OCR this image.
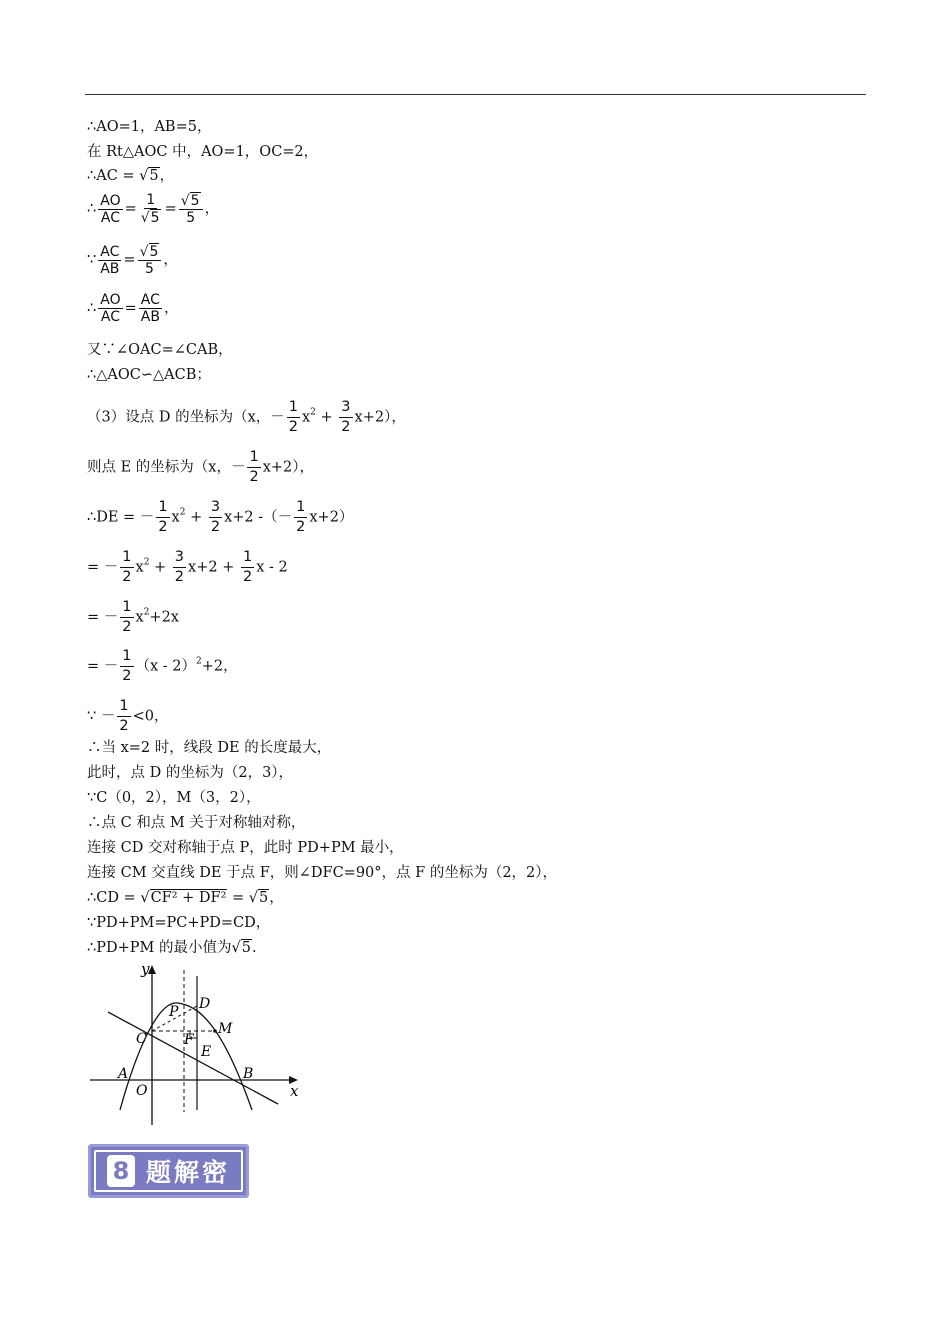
∴AO=1，AB=5，
在 Rt△AOC 中，AO=1，OC=2，
∴AC = √5，
∴ $\frac{AO}{AC} = \frac{1}{√5} = \frac{√5}{5}$ ，
∵ $\frac{AC}{AB} = \frac{√5}{5}$ ，
∴ $\frac{AO}{AC} = \frac{AC}{AB}$ ，
又∵∠OAC=∠CAB，
∴△AOC∽△ACB；
（3）设点 D 的坐标为（x，－ $\frac{1}{2} x^2 + \frac{3}{2} x+2$），
则点 E 的坐标为（x，－ $\frac{1}{2} x+2$），
∴DE = － $\frac{1}{2} x^2 + \frac{3}{2} x+2$ -（－ $\frac{1}{2} x+2$）
= － $\frac{1}{2} x^2 + \frac{3}{2} x+2 + \frac{1}{2}$ x - 2
= － $\frac{1}{2} x^2+2x$
= － $\frac{1}{2} (x - 2)^2+2$，
∵ － $\frac{1}{2} <0$，
∴当 x=2 时，线段 DE 的长度最大，
此时，点 D 的坐标为（2，3），
∵C（0，2），M（3，2），
∴点 C 和点 M 关于对称轴对称，
连接 CD 交对称轴于点 P，此时 PD+PM 最小，
连接 CM 交直线 DE 于点 F，则∠DFC=90°，点 F 的坐标为（2，2），
∴CD = √CF² + DF² = √5，
∵PD+PM=PC+PD=CD，
∴PD+PM 的最小值为√5.
y
x
O
A	B
C
D
E
F
P
M
8 题解密
